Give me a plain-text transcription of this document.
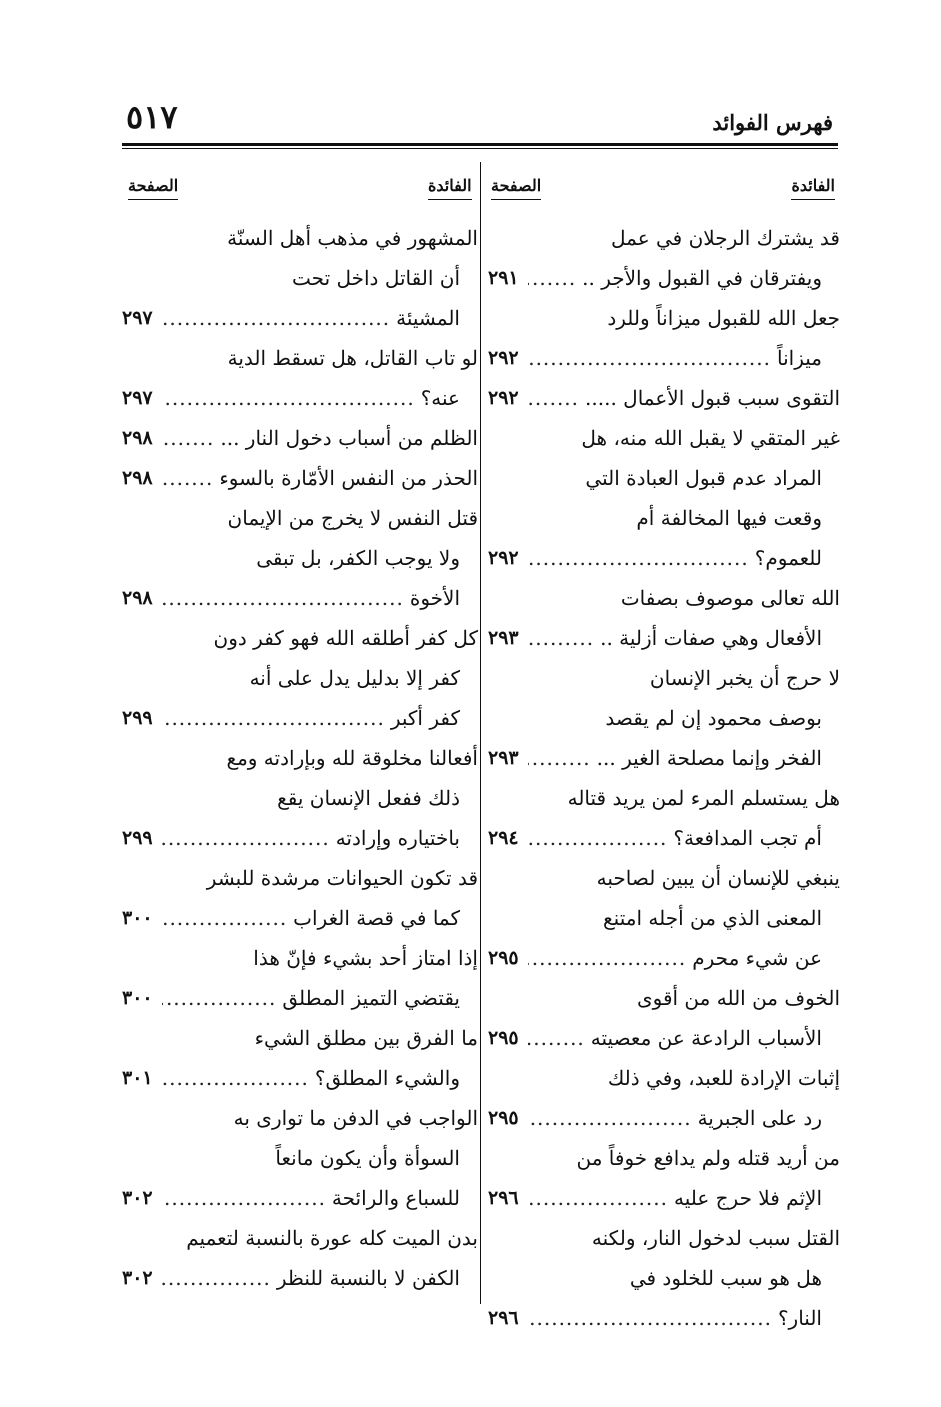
٥١٧	فهرس الفوائد
الفائدة
الصفحة
الفائدة
الصفحة
قد يشترك الرجلان في عمل
ويفترقان في القبول والأجر ..
.....
٢٩١
جعل الله للقبول ميزاناً وللرد
ميزاناً
.....
٢٩٢
التقوى سبب قبول الأعمال .....
.....
٢٩٢
غير المتقي لا يقبل الله منه، هل
المراد عدم قبول العبادة التي
وقعت فيها المخالفة أم
للعموم؟
.....
٢٩٢
الله تعالى موصوف بصفات
الأفعال وهي صفات أزلية ..
.....
٢٩٣
لا حرج أن يخبر الإنسان
بوصف محمود إن لم يقصد
الفخر وإنما مصلحة الغير ...
.....
٢٩٣
هل يستسلم المرء لمن يريد قتاله
أم تجب المدافعة؟
.....
٢٩٤
ينبغي للإنسان أن يبين لصاحبه
المعنى الذي من أجله امتنع
عن شيء محرم
.....
٢٩٥
الخوف من الله من أقوى
الأسباب الرادعة عن معصيته
.....
٢٩٥
إثبات الإرادة للعبد، وفي ذلك
رد على الجبرية
.....
٢٩٥
من أريد قتله ولم يدافع خوفاً من
الإثم فلا حرج عليه
.....
٢٩٦
القتل سبب لدخول النار، ولكنه
هل هو سبب للخلود في
النار؟
.....
٢٩٦
المشهور في مذهب أهل السنّة
أن القاتل داخل تحت
المشيئة
.....
٢٩٧
لو تاب القاتل، هل تسقط الدية
عنه؟
.....
٢٩٧
الظلم من أسباب دخول النار ...
.....
٢٩٨
الحذر من النفس الأمّارة بالسوء
.....
٢٩٨
قتل النفس لا يخرج من الإيمان
ولا يوجب الكفر، بل تبقى
الأخوة
.....
٢٩٨
كل كفر أطلقه الله فهو كفر دون
كفر إلا بدليل يدل على أنه
كفر أكبر
.....
٢٩٩
أفعالنا مخلوقة لله وبإرادته ومع
ذلك ففعل الإنسان يقع
باختياره وإرادته
.....
٢٩٩
قد تكون الحيوانات مرشدة للبشر
كما في قصة الغراب
.....
٣٠٠
إذا امتاز أحد بشيء فإنّ هذا
يقتضي التميز المطلق
.....
٣٠٠
ما الفرق بين مطلق الشيء
والشيء المطلق؟
.....
٣٠١
الواجب في الدفن ما توارى به
السوأة وأن يكون مانعاً
للسباع والرائحة
.....
٣٠٢
بدن الميت كله عورة بالنسبة لتعميم
الكفن لا بالنسبة للنظر
.....
٣٠٢
